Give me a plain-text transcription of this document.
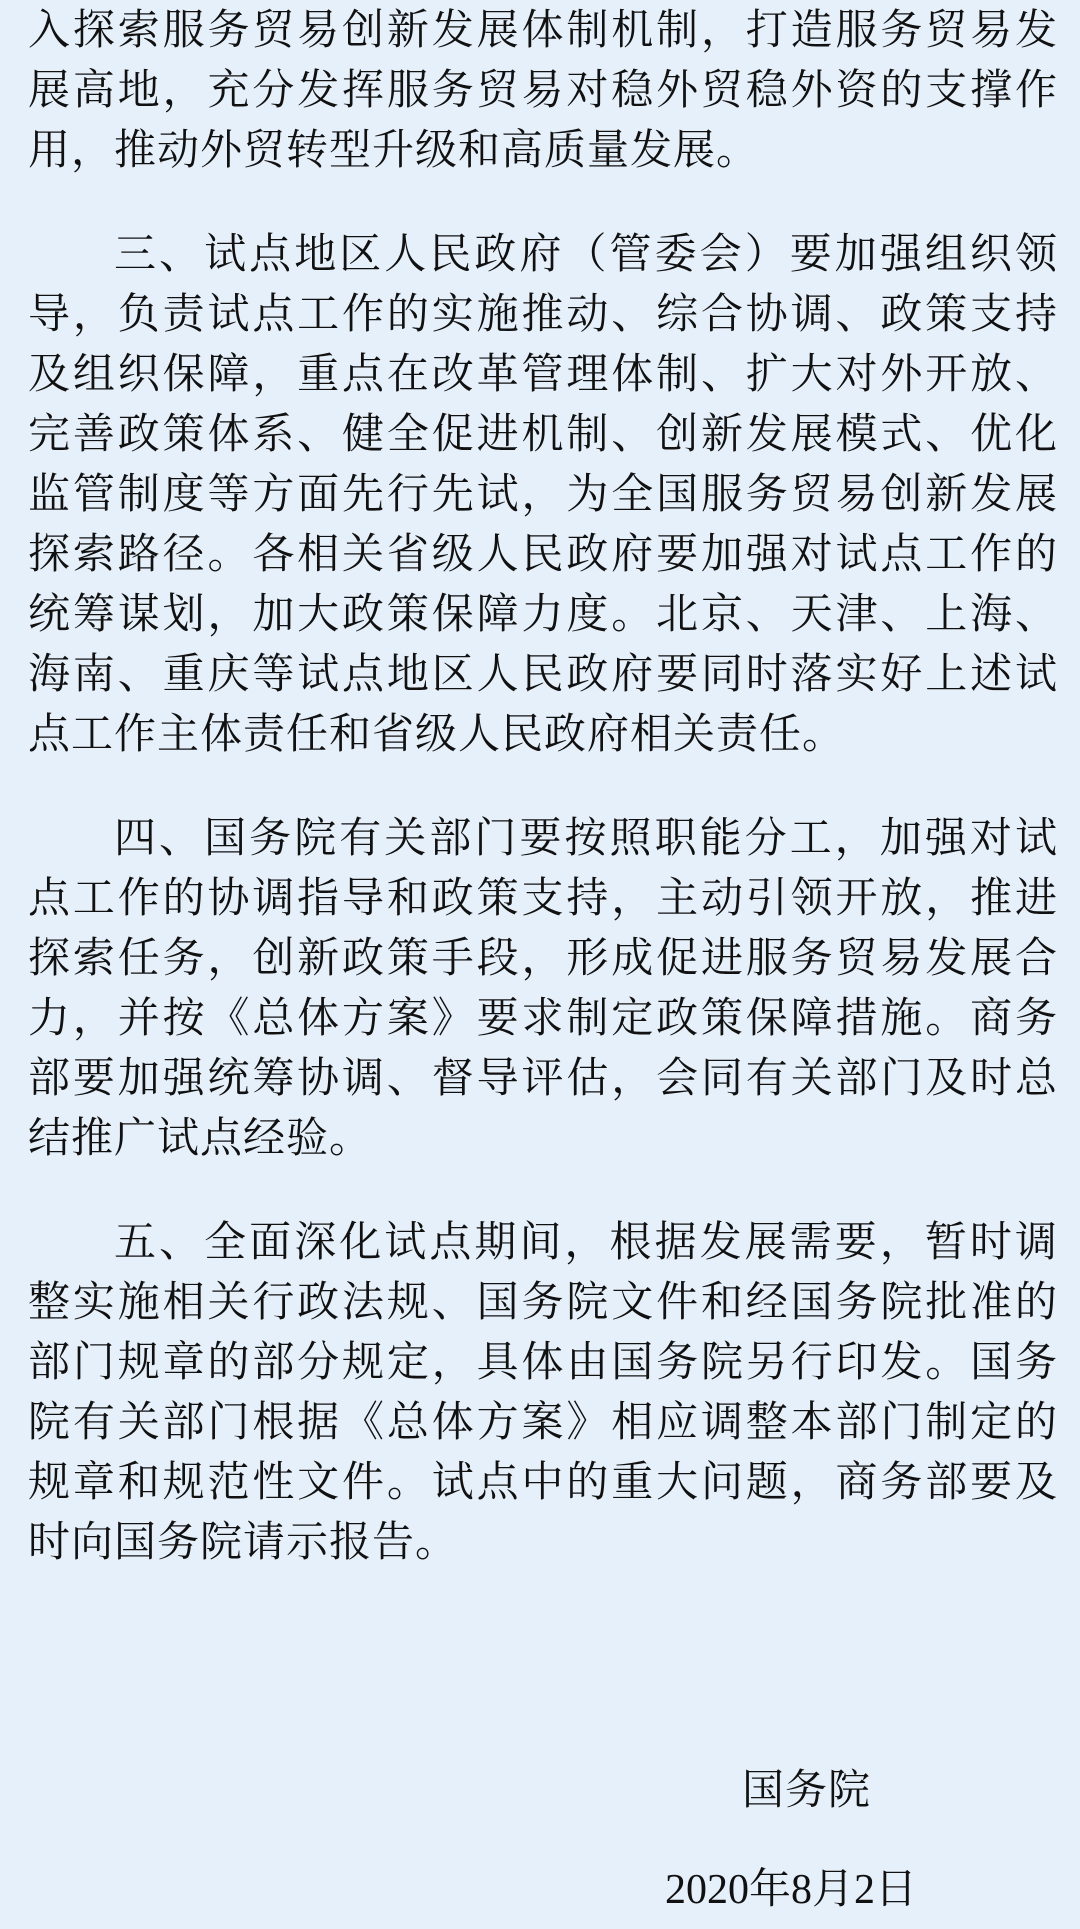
入探索服务贸易创新发展体制机制，打造服务贸易发展高地，充分发挥服务贸易对稳外贸稳外资的支撑作用，推动外贸转型升级和高质量发展。

三、试点地区人民政府（管委会）要加强组织领导，负责试点工作的实施推动、综合协调、政策支持及组织保障，重点在改革管理体制、扩大对外开放、完善政策体系、健全促进机制、创新发展模式、优化监管制度等方面先行先试，为全国服务贸易创新发展探索路径。各相关省级人民政府要加强对试点工作的统筹谋划，加大政策保障力度。北京、天津、上海、海南、重庆等试点地区人民政府要同时落实好上述试点工作主体责任和省级人民政府相关责任。

四、国务院有关部门要按照职能分工，加强对试点工作的协调指导和政策支持，主动引领开放，推进探索任务，创新政策手段，形成促进服务贸易发展合力，并按《总体方案》要求制定政策保障措施。商务部要加强统筹协调、督导评估，会同有关部门及时总结推广试点经验。

五、全面深化试点期间，根据发展需要，暂时调整实施相关行政法规、国务院文件和经国务院批准的部门规章的部分规定，具体由国务院另行印发。国务院有关部门根据《总体方案》相应调整本部门制定的规章和规范性文件。试点中的重大问题，商务部要及时向国务院请示报告。

国务院
2020年8月2日
